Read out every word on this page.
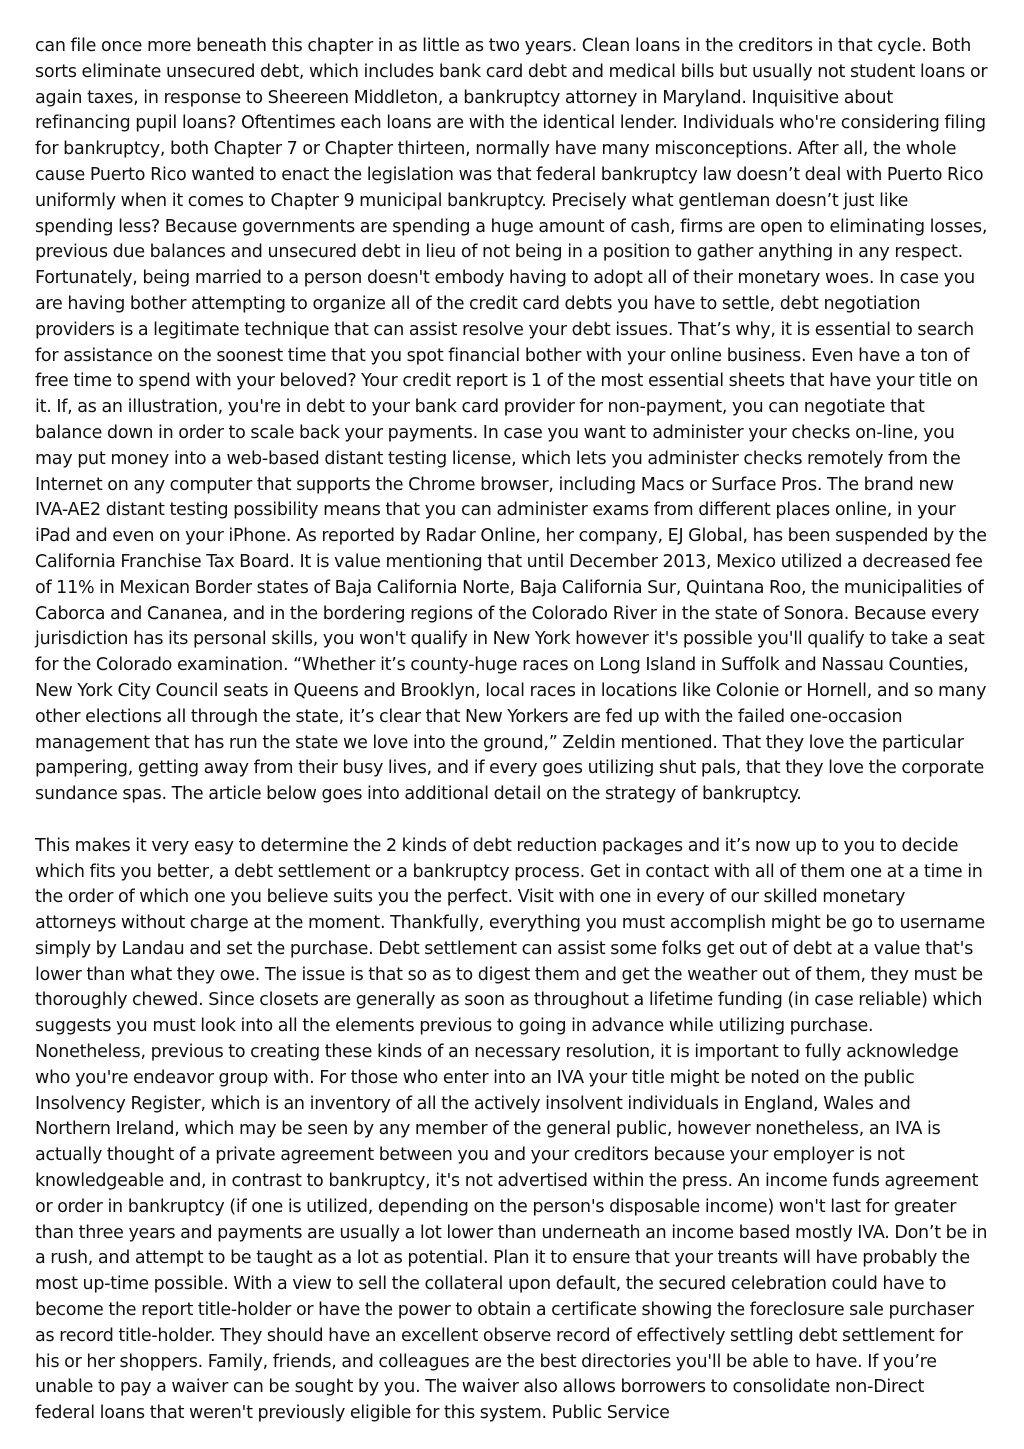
can file once more beneath this chapter in as little as two years. Clean loans in the creditors in that cycle. Both sorts eliminate unsecured debt, which includes bank card debt and medical bills but usually not student loans or again taxes, in response to Sheereen Middleton, a bankruptcy attorney in Maryland. Inquisitive about refinancing pupil loans? Oftentimes each loans are with the identical lender. Individuals who're considering filing for bankruptcy, both Chapter 7 or Chapter thirteen, normally have many misconceptions. After all, the whole cause Puerto Rico wanted to enact the legislation was that federal bankruptcy law doesn’t deal with Puerto Rico uniformly when it comes to Chapter 9 municipal bankruptcy. Precisely what gentleman doesn’t just like spending less? Because governments are spending a huge amount of cash, firms are open to eliminating losses, previous due balances and unsecured debt in lieu of not being in a position to gather anything in any respect. Fortunately, being married to a person doesn't embody having to adopt all of their monetary woes. In case you are having bother attempting to organize all of the credit card debts you have to settle, debt negotiation providers is a legitimate technique that can assist resolve your debt issues. That’s why, it is essential to search for assistance on the soonest time that you spot financial bother with your online business. Even have a ton of free time to spend with your beloved? Your credit report is 1 of the most essential sheets that have your title on it. If, as an illustration, you're in debt to your bank card provider for non-payment, you can negotiate that balance down in order to scale back your payments. In case you want to administer your checks on-line, you may put money into a web-based distant testing license, which lets you administer checks remotely from the Internet on any computer that supports the Chrome browser, including Macs or Surface Pros. The brand new IVA-AE2 distant testing possibility means that you can administer exams from different places online, in your iPad and even on your iPhone. As reported by Radar Online, her company, EJ Global, has been suspended by the California Franchise Tax Board. It is value mentioning that until December 2013, Mexico utilized a decreased fee of 11% in Mexican Border states of Baja California Norte, Baja California Sur, Quintana Roo, the municipalities of Caborca and Cananea, and in the bordering regions of the Colorado River in the state of Sonora. Because every jurisdiction has its personal skills, you won't qualify in New York however it's possible you'll qualify to take a seat for the Colorado examination. “Whether it’s county-huge races on Long Island in Suffolk and Nassau Counties, New York City Council seats in Queens and Brooklyn, local races in locations like Colonie or Hornell, and so many other elections all through the state, it’s clear that New Yorkers are fed up with the failed one-occasion management that has run the state we love into the ground,” Zeldin mentioned. That they love the particular pampering, getting away from their busy lives, and if every goes utilizing shut pals, that they love the corporate sundance spas. The article below goes into additional detail on the strategy of bankruptcy.

This makes it very easy to determine the 2 kinds of debt reduction packages and it’s now up to you to decide which fits you better, a debt settlement or a bankruptcy process. Get in contact with all of them one at a time in the order of which one you believe suits you the perfect. Visit with one in every of our skilled monetary attorneys without charge at the moment. Thankfully, everything you must accomplish might be go to username simply by Landau and set the purchase. Debt settlement can assist some folks get out of debt at a value that's lower than what they owe. The issue is that so as to digest them and get the weather out of them, they must be thoroughly chewed. Since closets are generally as soon as throughout a lifetime funding (in case reliable) which suggests you must look into all the elements previous to going in advance while utilizing purchase. Nonetheless, previous to creating these kinds of an necessary resolution, it is important to fully acknowledge who you're endeavor group with. For those who enter into an IVA your title might be noted on the public Insolvency Register, which is an inventory of all the actively insolvent individuals in England, Wales and Northern Ireland, which may be seen by any member of the general public, however nonetheless, an IVA is actually thought of a private agreement between you and your creditors because your employer is not knowledgeable and, in contrast to bankruptcy, it's not advertised within the press. An income funds agreement or order in bankruptcy (if one is utilized, depending on the person's disposable income) won't last for greater than three years and payments are usually a lot lower than underneath an income based mostly IVA. Don’t be in a rush, and attempt to be taught as a lot as potential. Plan it to ensure that your treants will have probably the most up-time possible. With a view to sell the collateral upon default, the secured celebration could have to become the report title-holder or have the power to obtain a certificate showing the foreclosure sale purchaser as record title-holder. They should have an excellent observe record of effectively settling debt settlement for his or her shoppers. Family, friends, and colleagues are the best directories you'll be able to have. If you’re unable to pay a waiver can be sought by you. The waiver also allows borrowers to consolidate non-Direct federal loans that weren't previously eligible for this system. Public Service
